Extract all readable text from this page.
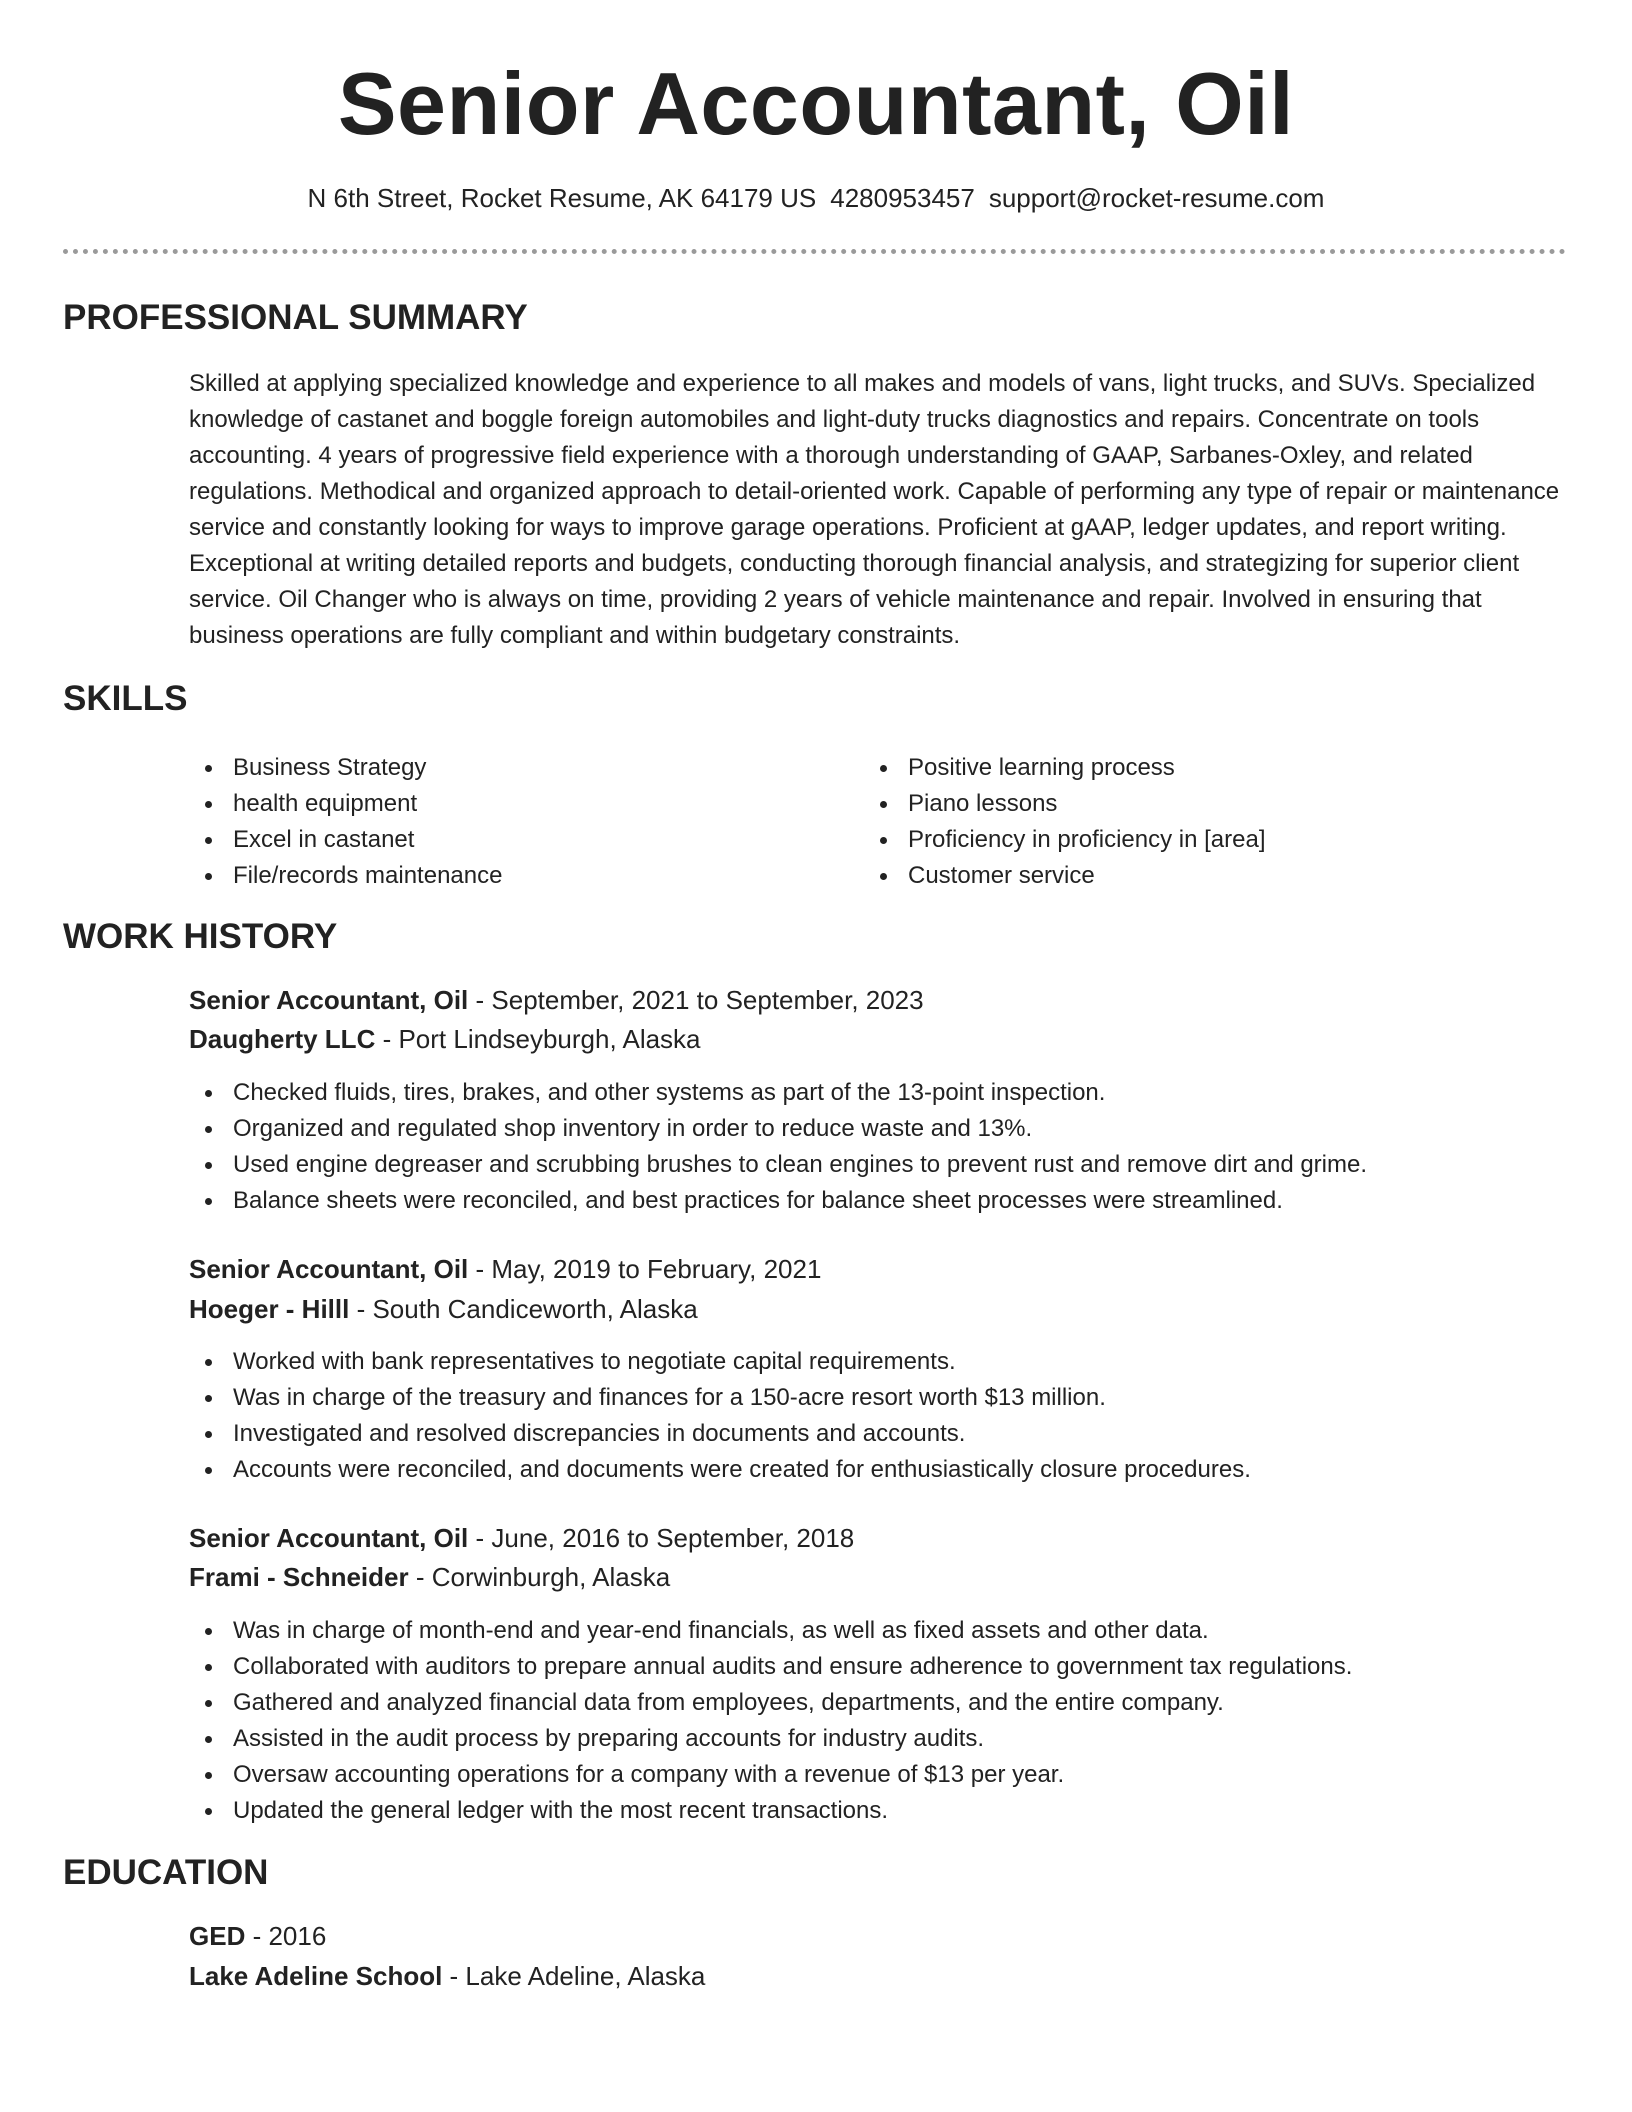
Senior Accountant, Oil
N 6th Street, Rocket Resume, AK 64179 US 4280953457 support@rocket-resume.com
PROFESSIONAL SUMMARY

Skilled at applying specialized knowledge and experience to all makes and models of vans, light trucks, and SUVs. Specialized knowledge of castanet and boggle foreign automobiles and light-duty trucks diagnostics and repairs. Concentrate on tools accounting. 4 years of progressive field experience with a thorough understanding of GAAP, Sarbanes-Oxley, and related regulations. Methodical and organized approach to detail-oriented work. Capable of performing any type of repair or maintenance service and constantly looking for ways to improve garage operations. Proficient at gAAP, ledger updates, and report writing. Exceptional at writing detailed reports and budgets, conducting thorough financial analysis, and strategizing for superior client service. Oil Changer who is always on time, providing 2 years of vehicle maintenance and repair. Involved in ensuring that business operations are fully compliant and within budgetary constraints.

SKILLS
Business Strategy
health equipment
Excel in castanet
File/records maintenance
Positive learning process
Piano lessons
Proficiency in proficiency in [area]
Customer service
WORK HISTORY
Senior Accountant, Oil - September, 2021 to September, 2023
Daugherty LLC - Port Lindseyburgh, Alaska
Checked fluids, tires, brakes, and other systems as part of the 13-point inspection.
Organized and regulated shop inventory in order to reduce waste and 13%.
Used engine degreaser and scrubbing brushes to clean engines to prevent rust and remove dirt and grime.
Balance sheets were reconciled, and best practices for balance sheet processes were streamlined.
Senior Accountant, Oil - May, 2019 to February, 2021
Hoeger - Hilll - South Candiceworth, Alaska
Worked with bank representatives to negotiate capital requirements.
Was in charge of the treasury and finances for a 150-acre resort worth $13 million.
Investigated and resolved discrepancies in documents and accounts.
Accounts were reconciled, and documents were created for enthusiastically closure procedures.
Senior Accountant, Oil - June, 2016 to September, 2018
Frami - Schneider - Corwinburgh, Alaska
Was in charge of month-end and year-end financials, as well as fixed assets and other data.
Collaborated with auditors to prepare annual audits and ensure adherence to government tax regulations.
Gathered and analyzed financial data from employees, departments, and the entire company.
Assisted in the audit process by preparing accounts for industry audits.
Oversaw accounting operations for a company with a revenue of $13 per year.
Updated the general ledger with the most recent transactions.
EDUCATION
GED - 2016
Lake Adeline School - Lake Adeline, Alaska
